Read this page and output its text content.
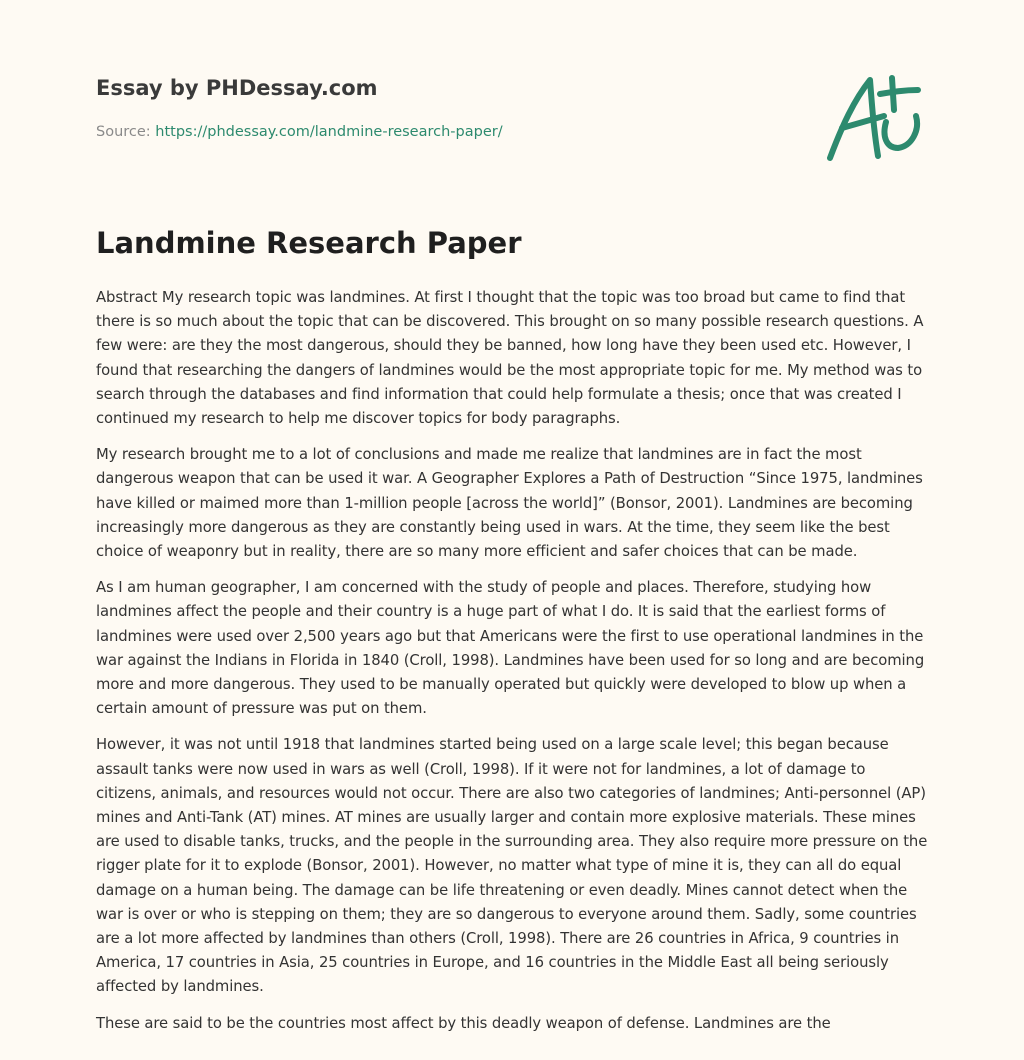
Essay by PHDessay.com

Source: https://phdessay.com/landmine-research-paper/

Landmine Research Paper

Abstract My research topic was landmines. At first I thought that the topic was too broad but came to find that there is so much about the topic that can be discovered. This brought on so many possible research questions. A few were: are they the most dangerous, should they be banned, how long have they been used etc. However, I found that researching the dangers of landmines would be the most appropriate topic for me. My method was to search through the databases and find information that could help formulate a thesis; once that was created I continued my research to help me discover topics for body paragraphs.

My research brought me to a lot of conclusions and made me realize that landmines are in fact the most dangerous weapon that can be used it war. A Geographer Explores a Path of Destruction “Since 1975, landmines have killed or maimed more than 1-million people [across the world]” (Bonsor, 2001). Landmines are becoming increasingly more dangerous as they are constantly being used in wars. At the time, they seem like the best choice of weaponry but in reality, there are so many more efficient and safer choices that can be made.

As I am human geographer, I am concerned with the study of people and places. Therefore, studying how landmines affect the people and their country is a huge part of what I do. It is said that the earliest forms of landmines were used over 2,500 years ago but that Americans were the first to use operational landmines in the war against the Indians in Florida in 1840 (Croll, 1998). Landmines have been used for so long and are becoming more and more dangerous. They used to be manually operated but quickly were developed to blow up when a certain amount of pressure was put on them.

However, it was not until 1918 that landmines started being used on a large scale level; this began because assault tanks were now used in wars as well (Croll, 1998). If it were not for landmines, a lot of damage to citizens, animals, and resources would not occur. There are also two categories of landmines; Anti-personnel (AP) mines and Anti-Tank (AT) mines. AT mines are usually larger and contain more explosive materials. These mines are used to disable tanks, trucks, and the people in the surrounding area. They also require more pressure on the rigger plate for it to explode (Bonsor, 2001). However, no matter what type of mine it is, they can all do equal damage on a human being. The damage can be life threatening or even deadly. Mines cannot detect when the war is over or who is stepping on them; they are so dangerous to everyone around them. Sadly, some countries are a lot more affected by landmines than others (Croll, 1998). There are 26 countries in Africa, 9 countries in America, 17 countries in Asia, 25 countries in Europe, and 16 countries in the Middle East all being seriously affected by landmines.

These are said to be the countries most affect by this deadly weapon of defense. Landmines are the
